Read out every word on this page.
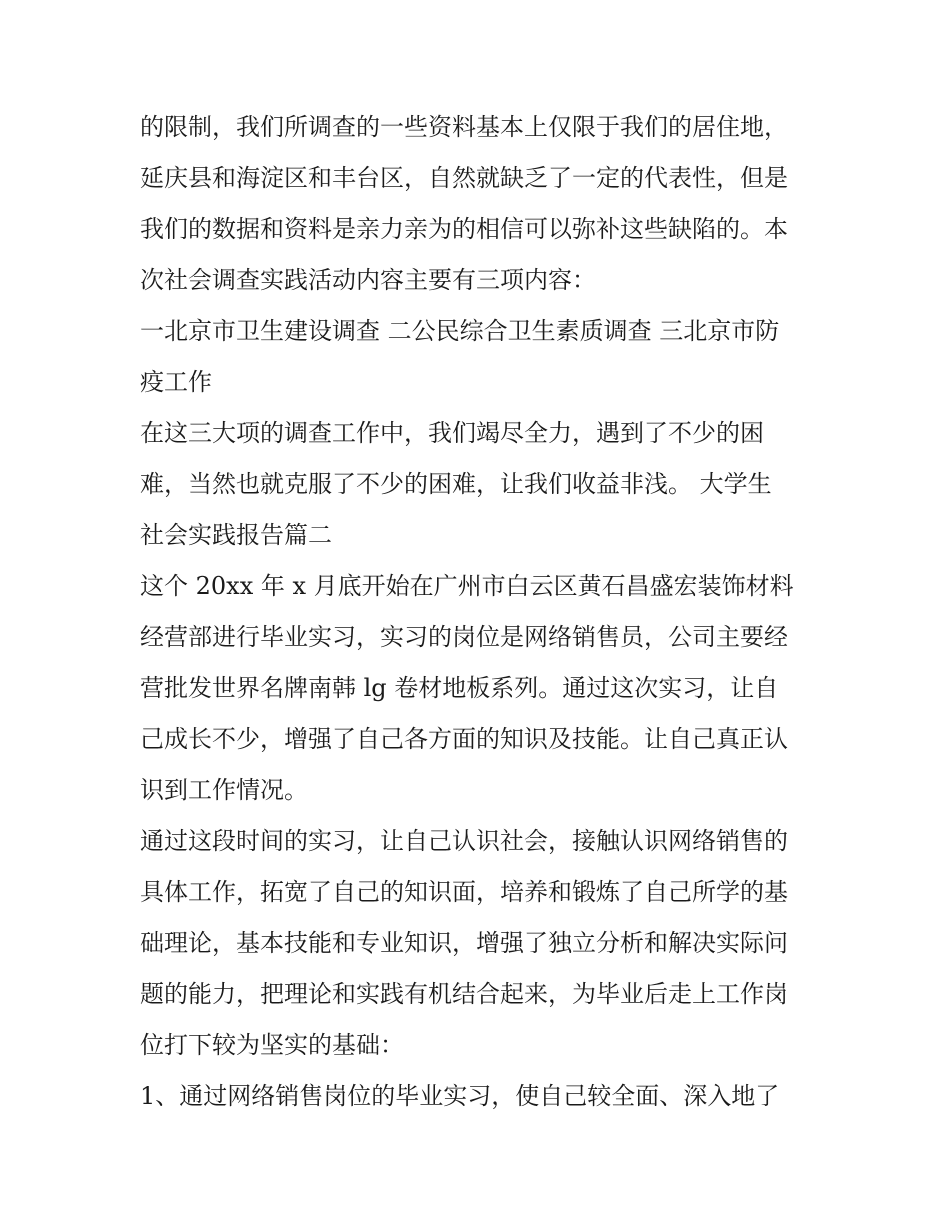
的限制，我们所调查的一些资料基本上仅限于我们的居住地，
延庆县和海淀区和丰台区，自然就缺乏了一定的代表性，但是
我们的数据和资料是亲力亲为的相信可以弥补这些缺陷的。本
次社会调查实践活动内容主要有三项内容：
一北京市卫生建设调查 二公民综合卫生素质调查 三北京市防
疫工作
在这三大项的调查工作中，我们竭尽全力，遇到了不少的困
难，当然也就克服了不少的困难，让我们收益非浅。 大学生
社会实践报告篇二
这个 20xx 年 x 月底开始在广州市白云区黄石昌盛宏装饰材料
经营部进行毕业实习，实习的岗位是网络销售员，公司主要经
营批发世界名牌南韩 lg 卷材地板系列。通过这次实习，让自
己成长不少，增强了自己各方面的知识及技能。让自己真正认
识到工作情况。
通过这段时间的实习，让自己认识社会，接触认识网络销售的
具体工作，拓宽了自己的知识面，培养和锻炼了自己所学的基
础理论，基本技能和专业知识，增强了独立分析和解决实际问
题的能力，把理论和实践有机结合起来，为毕业后走上工作岗
位打下较为坚实的基础：
1、通过网络销售岗位的毕业实习，使自己较全面、深入地了
